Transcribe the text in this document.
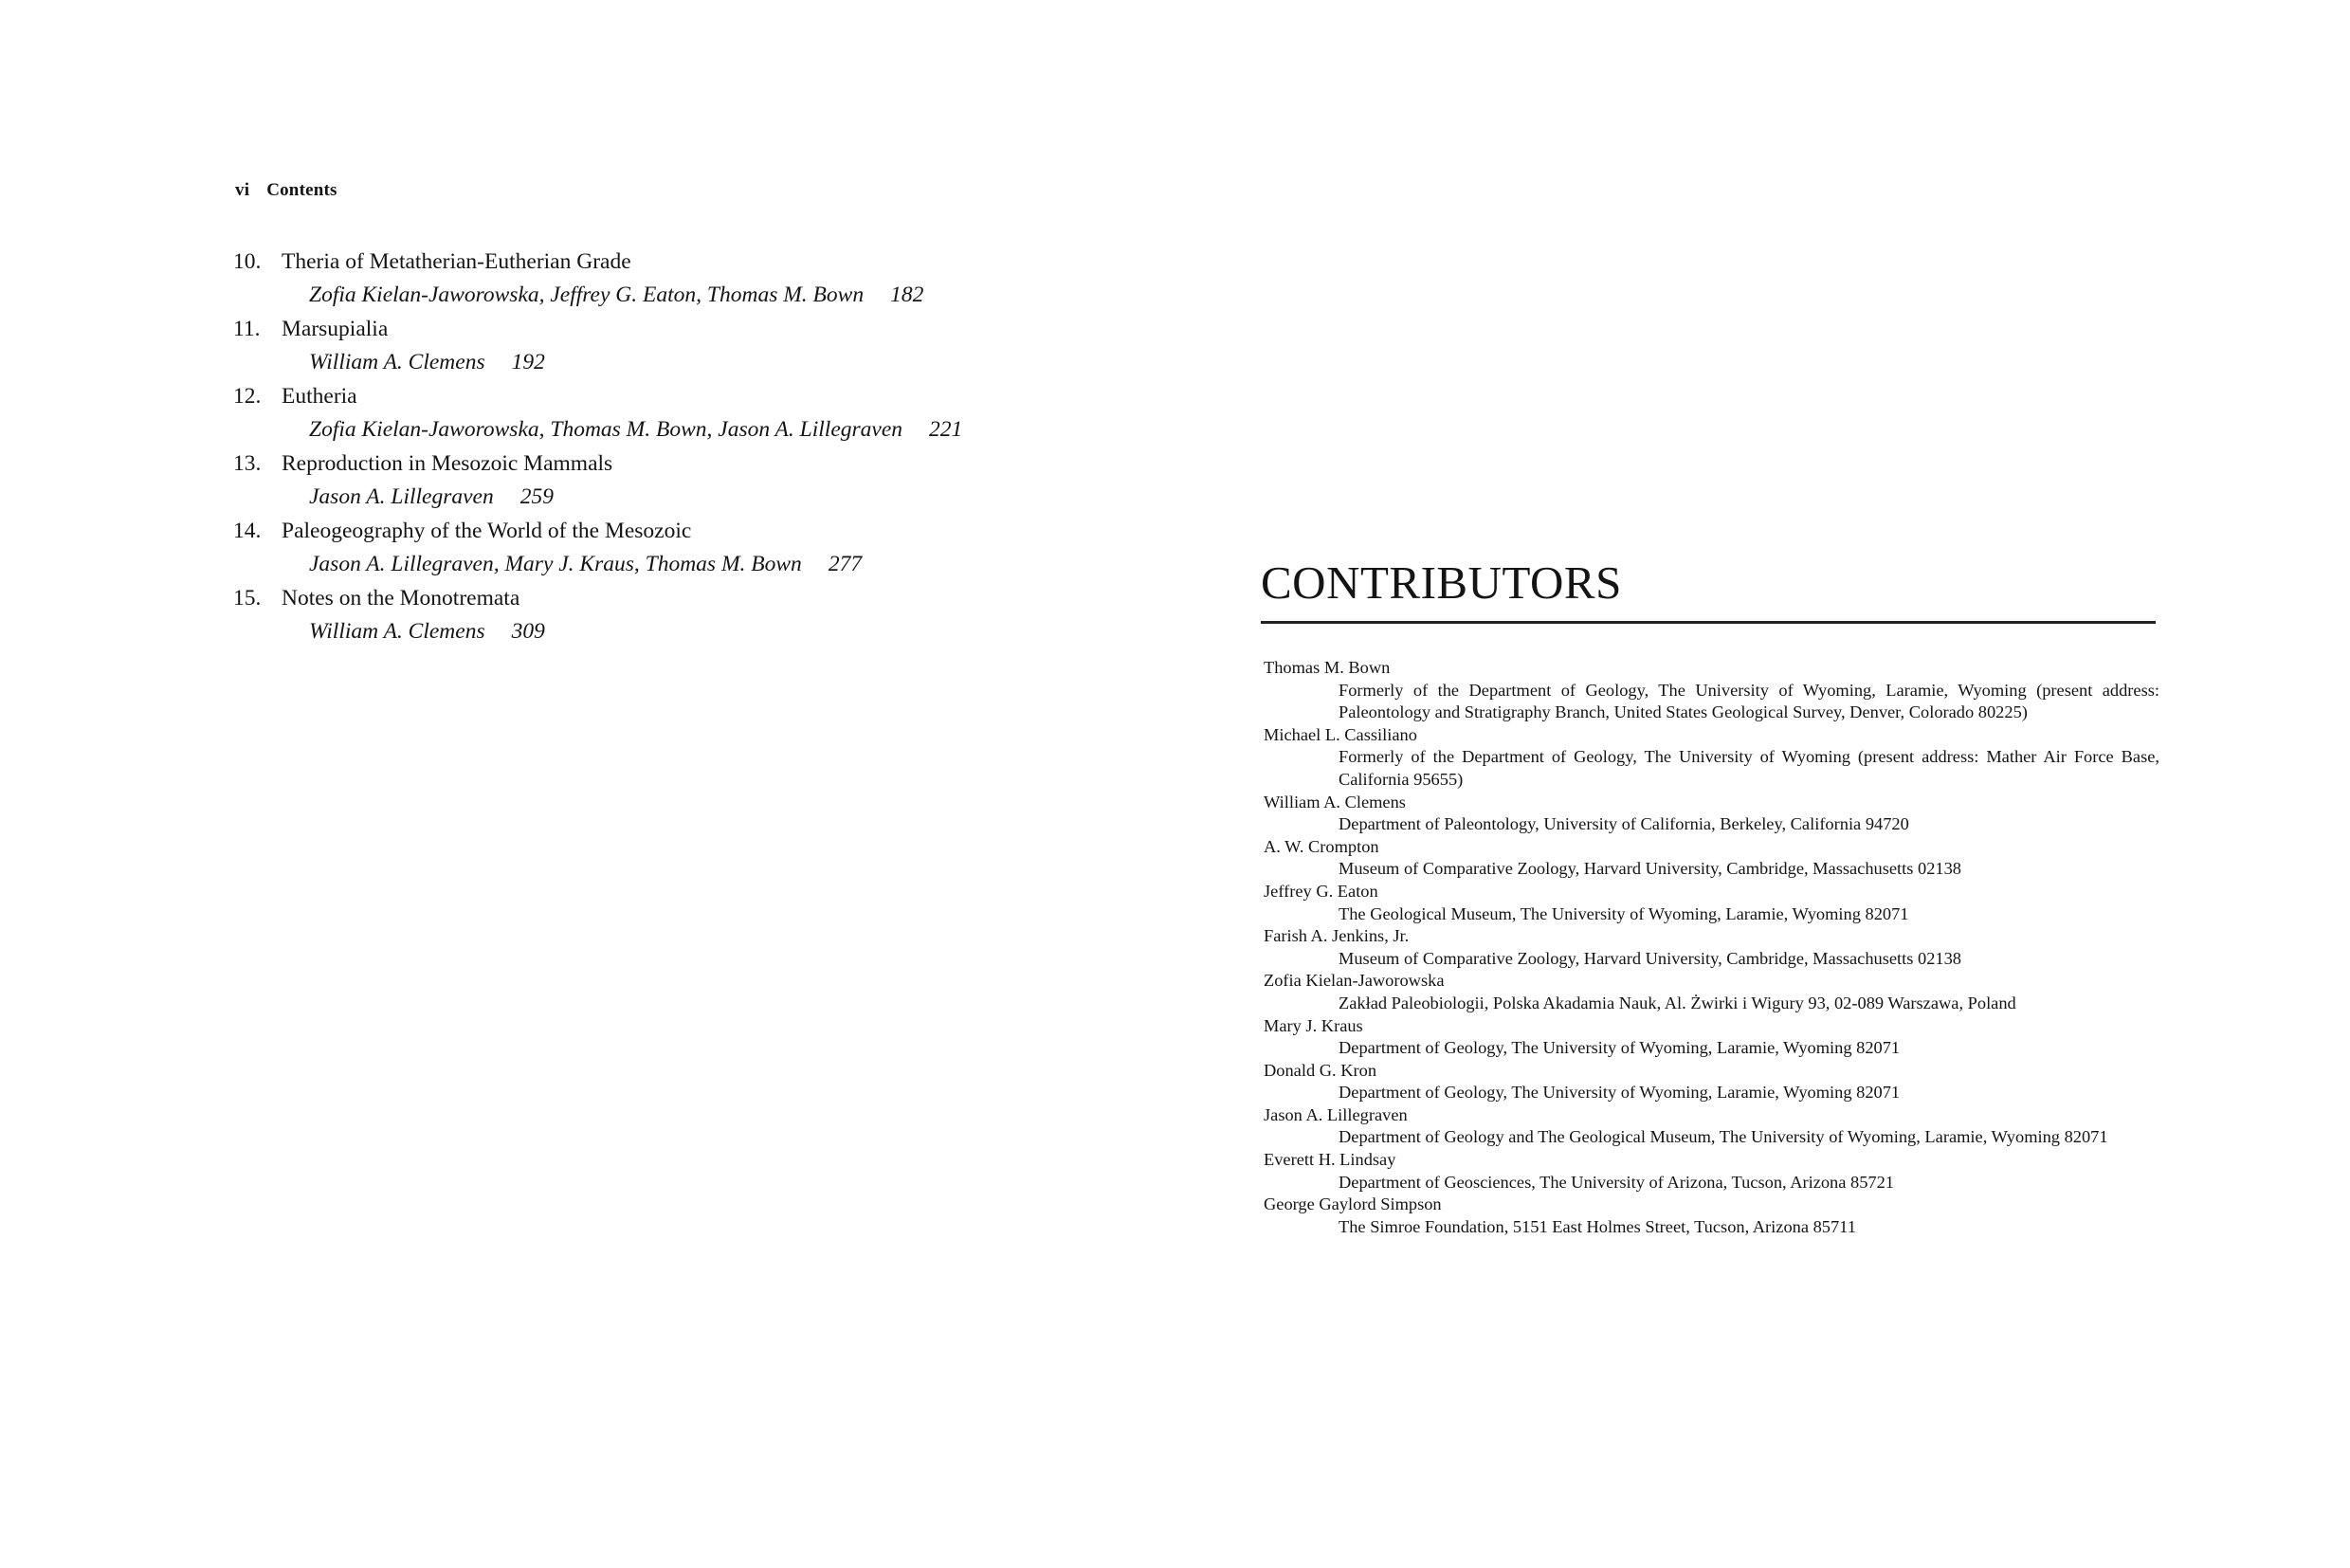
vi Contents
10. Theria of Metatherian-Eutherian Grade
Zofia Kielan-Jaworowska, Jeffrey G. Eaton, Thomas M. Bown 182
11. Marsupialia
William A. Clemens 192
12. Eutheria
Zofia Kielan-Jaworowska, Thomas M. Bown, Jason A. Lillegraven 221
13. Reproduction in Mesozoic Mammals
Jason A. Lillegraven 259
14. Paleogeography of the World of the Mesozoic
Jason A. Lillegraven, Mary J. Kraus, Thomas M. Bown 277
15. Notes on the Monotremata
William A. Clemens 309
CONTRIBUTORS
Thomas M. Bown
Formerly of the Department of Geology, The University of Wyoming, Laramie, Wyoming (present address: Paleontology and Stratigraphy Branch, United States Geological Survey, Denver, Colorado 80225)
Michael L. Cassiliano
Formerly of the Department of Geology, The University of Wyoming (present address: Mather Air Force Base, California 95655)
William A. Clemens
Department of Paleontology, University of California, Berkeley, California 94720
A. W. Crompton
Museum of Comparative Zoology, Harvard University, Cambridge, Massachusetts 02138
Jeffrey G. Eaton
The Geological Museum, The University of Wyoming, Laramie, Wyoming 82071
Farish A. Jenkins, Jr.
Museum of Comparative Zoology, Harvard University, Cambridge, Massachusetts 02138
Zofia Kielan-Jaworowska
Zakład Paleobiologii, Polska Akadamia Nauk, Al. Żwirki i Wigury 93, 02-089 Warszawa, Poland
Mary J. Kraus
Department of Geology, The University of Wyoming, Laramie, Wyoming 82071
Donald G. Kron
Department of Geology, The University of Wyoming, Laramie, Wyoming 82071
Jason A. Lillegraven
Department of Geology and The Geological Museum, The University of Wyoming, Laramie, Wyoming 82071
Everett H. Lindsay
Department of Geosciences, The University of Arizona, Tucson, Arizona 85721
George Gaylord Simpson
The Simroe Foundation, 5151 East Holmes Street, Tucson, Arizona 85711
